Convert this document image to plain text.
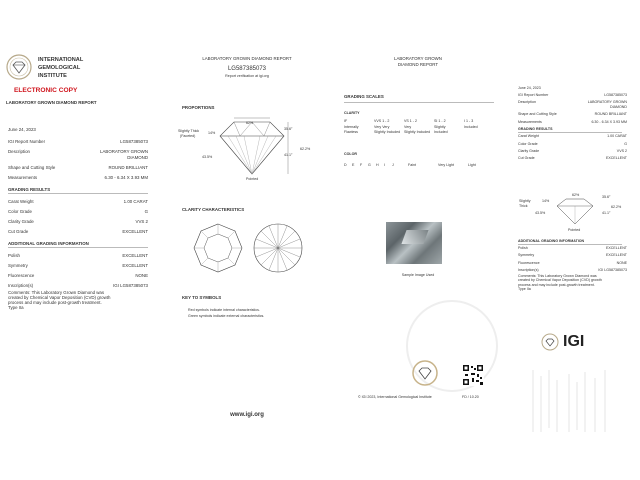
INTERNATIONAL
GEMOLOGICAL
INSTITUTE
ELECTRONIC COPY
LABORATORY GROWN DIAMOND REPORT
June 24, 2023
IGI Report Number	LG587385073
Description	LABORATORY GROWN
DIAMOND
Shape and Cutting Style	ROUND BRILLIANT
Measurements	6.30 - 6.34 X 3.93 MM
GRADING RESULTS
Carat Weight	1.00 CARAT
Color Grade	G
Clarity Grade	VVS 2
Cut Grade	EXCELLENT
ADDITIONAL GRADING INFORMATION
Polish	EXCELLENT
Symmetry	EXCELLENT
Fluorescence	NONE
Inscription(s)	IGI LG587385073
Comments: This Laboratory Grown Diamond was
created by Chemical Vapor Deposition (CVD) growth
process and may include post-growth treatment.
Type IIa
LABORATORY GROWN DIAMOND REPORT
LG587385073
Report verification at igi.org
PROPORTIONS
Slightly Thick
(Faceted)
62%
35.6°
14%
62.2%
43.5%	41.1°
Pointed
CLARITY CHARACTERISTICS
KEY TO SYMBOLS
Red symbols indicate internal characteristics.
Green symbols indicate external characteristics.
www.igi.org
LABORATORY GROWN
DIAMOND REPORT
GRADING SCALES
CLARITY
IF
Internally
Flawless
VVS 1 - 2
Very Very
Slightly Included
VS 1 - 2
Very
Slightly Included
SI 1 - 2
Slightly
Included
I 1 - 3
Included
COLOR
D E F G H I J	Faint	Very Light	Light
Sample Image Used
© IGI 2023, International Gemological Institute	FD / 10.20
June 24, 2023
IGI Report Number	LG587385073
Description	LABORATORY GROWN
DIAMOND
Shape and Cutting Style	ROUND BRILLIANT
Measurements	6.30 - 6.34 X 3.93 MM
GRADING RESULTS
Carat Weight	1.00 CARAT
Color Grade	G
Clarity Grade	VVS 2
Cut Grade	EXCELLENT
62%	35.6°
14%
62.2%
43.5%	41.1°
Slightly
Thick
Pointed
ADDITIONAL GRADING INFORMATION
Polish	EXCELLENT
Symmetry	EXCELLENT
Fluorescence	NONE
Inscription(s)	IGI LG587385073
Comments: This Laboratory Grown Diamond was
created by Chemical Vapor Deposition (CVD) growth
process and may include post-growth treatment.
Type IIa
IGI
